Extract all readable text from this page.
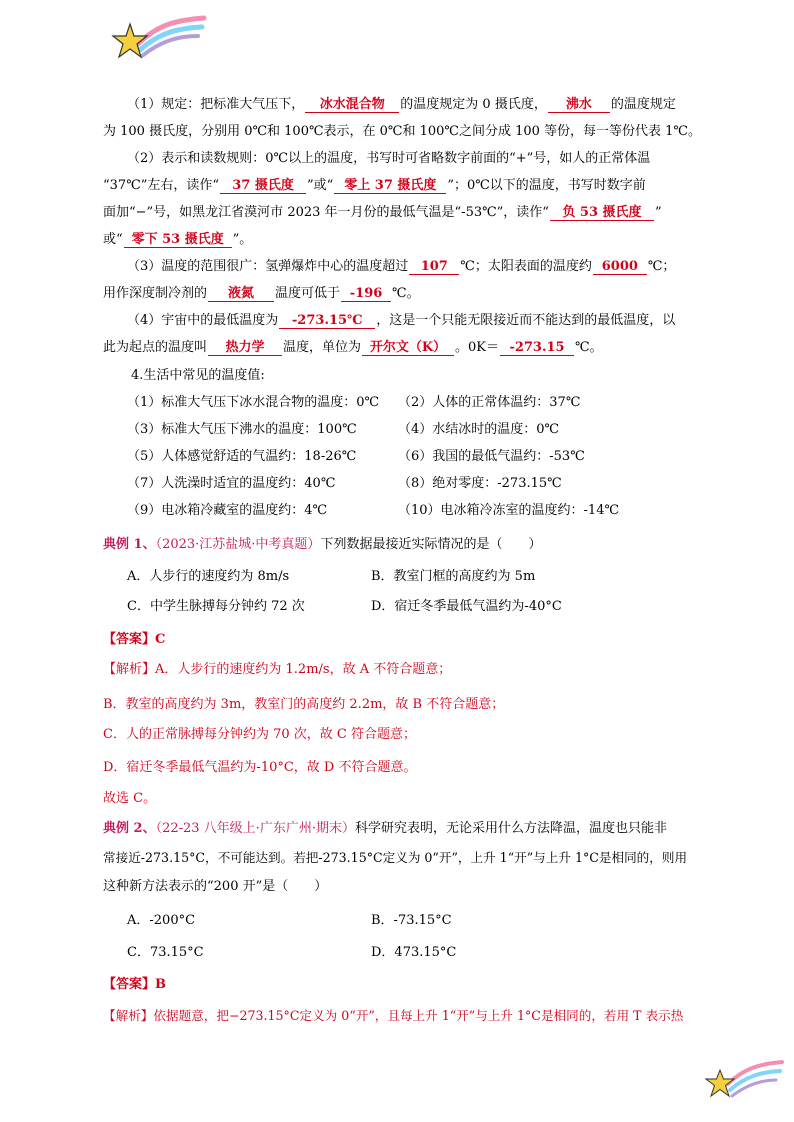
（1）规定：把标准大气压下， 冰水混合物 的温度规定为 0 摄氏度， 沸水 的温度规定
为 100 摄氏度，分别用 0℃和 100℃表示，在 0℃和 100℃之间分成 100 等份，每一等份代表 1℃。
（2）表示和读数规则：0℃以上的温度，书写时可省略数字前面的“+”号，如人的正常体温
“37℃”左右，读作“ 37 摄氏度 ”或“ 零上 37 摄氏度 ”；0℃以下的温度，书写时数字前
面加“−”号，如黑龙江省漠河市 2023 年一月份的最低气温是“-53℃”，读作“ 负 53 摄氏度 ”
或“ 零下 53 摄氏度 ”。
（3）温度的范围很广：氢弹爆炸中心的温度超过 107 ℃；太阳表面的温度约 6000 ℃；
用作深度制冷剂的 液氮 温度可低于 -196 ℃。
（4）宇宙中的最低温度为 -273.15℃ ，这是一个只能无限接近而不能达到的最低温度，以
此为起点的温度叫 热力学 温度，单位为 开尔文（K） 。0K＝ -273.15 ℃。
4.生活中常见的温度值:
（1）标准大气压下冰水混合物的温度：0℃ （2）人体的正常体温约：37℃
（3）标准大气压下沸水的温度：100℃	（4）水结冰时的温度：0℃
（5）人体感觉舒适的气温约：18-26℃	（6）我国的最低气温约：-53℃
（7）人洗澡时适宜的温度约：40℃	（8）绝对零度：-273.15℃
（9）电冰箱冷藏室的温度约：4℃	（10）电冰箱冷冻室的温度约：-14℃
典例 1、（2023·江苏盐城·中考真题）下列数据最接近实际情况的是（　　）
A．人步行的速度约为 8m/s	B．教室门框的高度约为 5m
C．中学生脉搏每分钟约 72 次	D．宿迁冬季最低气温约为-40°C
【答案】C
【解析】A．人步行的速度约为 1.2m/s，故 A 不符合题意；
B．教室的高度约为 3m，教室门的高度约 2.2m，故 B 不符合题意；
C．人的正常脉搏每分钟约为 70 次，故 C 符合题意；
D．宿迁冬季最低气温约为-10°C，故 D 不符合题意。
故选 C。
典例 2、（22-23 八年级上·广东广州·期末）科学研究表明，无论采用什么方法降温，温度也只能非
常接近-273.15°C，不可能达到。若把-273.15°C定义为 0“开”，上升 1“开”与上升 1°C是相同的，则用
这种新方法表示的“200 开”是（　　）
A．-200°C	B．-73.15°C
C．73.15°C	D．473.15°C
【答案】B
【解析】依据题意，把−273.15°C定义为 0“开”，且每上升 1“开”与上升 1°C是相同的，若用 T 表示热
